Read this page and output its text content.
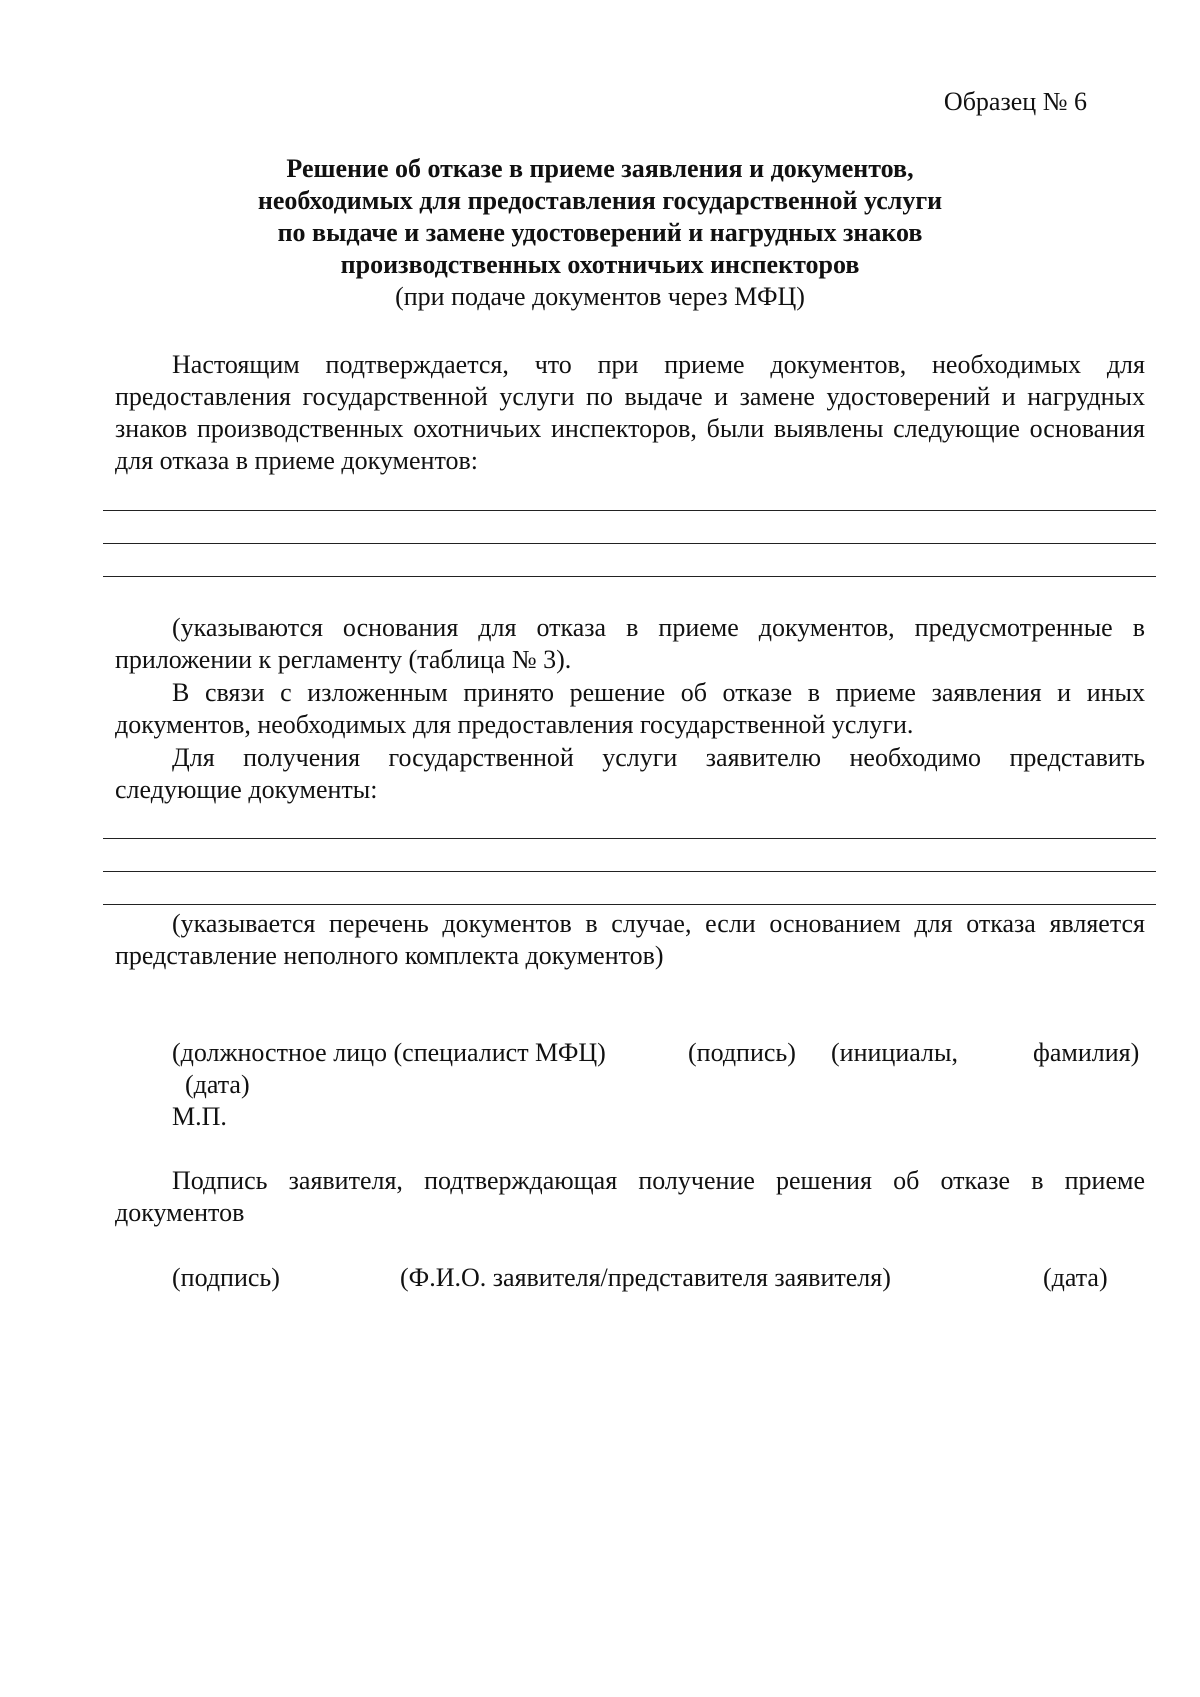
Образец № 6
Решение об отказе в приеме заявления и документов,
необходимых для предоставления государственной услуги
по выдаче и замене удостоверений и нагрудных знаков
производственных охотничьих инспекторов
(при подаче документов через МФЦ)

Настоящим подтверждается, что при приеме документов, необходимых для предоставления государственной услуги по выдаче и замене удостоверений и нагрудных знаков производственных охотничьих инспекторов, были выявлены следующие основания для отказа в приеме документов:

(указываются основания для отказа в приеме документов, предусмотренные в приложении к регламенту (таблица № 3).

В связи с изложенным принято решение об отказе в приеме заявления и иных документов, необходимых для предоставления государственной услуги.

Для получения государственной услуги заявителю необходимо представить следующие документы:

(указывается перечень документов в случае, если основанием для отказа является представление неполного комплекта документов)

(должностное лицо (специалист МФЦ)	(подпись) (инициалы,	фамилия)
(дата)
М.П.

Подпись заявителя, подтверждающая получение решения об отказе в приеме документов

(подпись)	(Ф.И.О. заявителя/представителя заявителя)	(дата)
